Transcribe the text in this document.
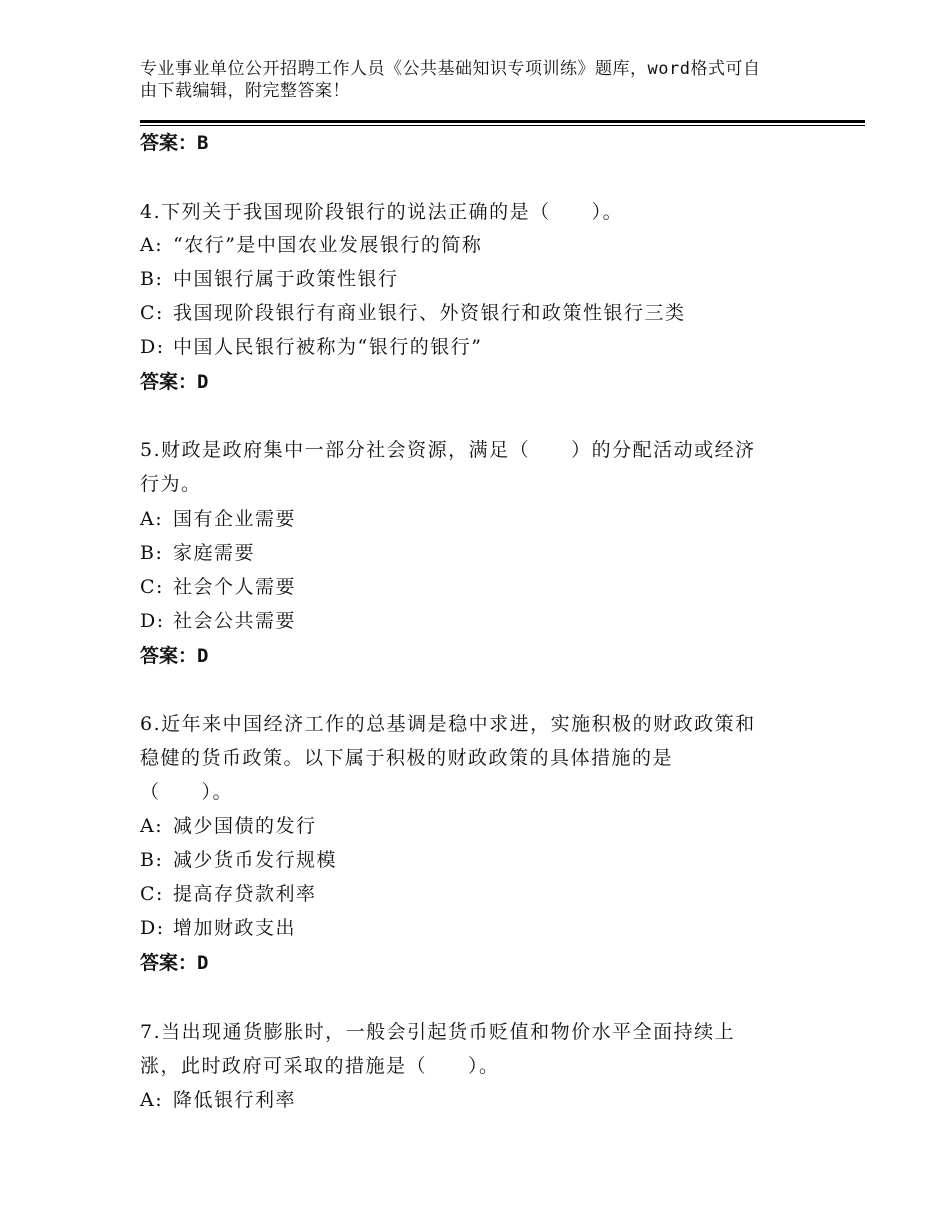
专业事业单位公开招聘工作人员《公共基础知识专项训练》题库，word格式可自
由下载编辑，附完整答案！
答案：B
4.下列关于我国现阶段银行的说法正确的是（　　）。
A: “农行”是中国农业发展银行的简称
B: 中国银行属于政策性银行
C: 我国现阶段银行有商业银行、外资银行和政策性银行三类
D: 中国人民银行被称为“银行的银行”
答案：D
5.财政是政府集中一部分社会资源，满足（　　）的分配活动或经济
行为。
A: 国有企业需要
B: 家庭需要
C: 社会个人需要
D: 社会公共需要
答案：D
6.近年来中国经济工作的总基调是稳中求进，实施积极的财政政策和
稳健的货币政策。以下属于积极的财政政策的具体措施的是
（　　）。
A: 减少国债的发行
B: 减少货币发行规模
C: 提高存贷款利率
D: 增加财政支出
答案：D
7.当出现通货膨胀时，一般会引起货币贬值和物价水平全面持续上
涨，此时政府可采取的措施是（　　）。
A: 降低银行利率
